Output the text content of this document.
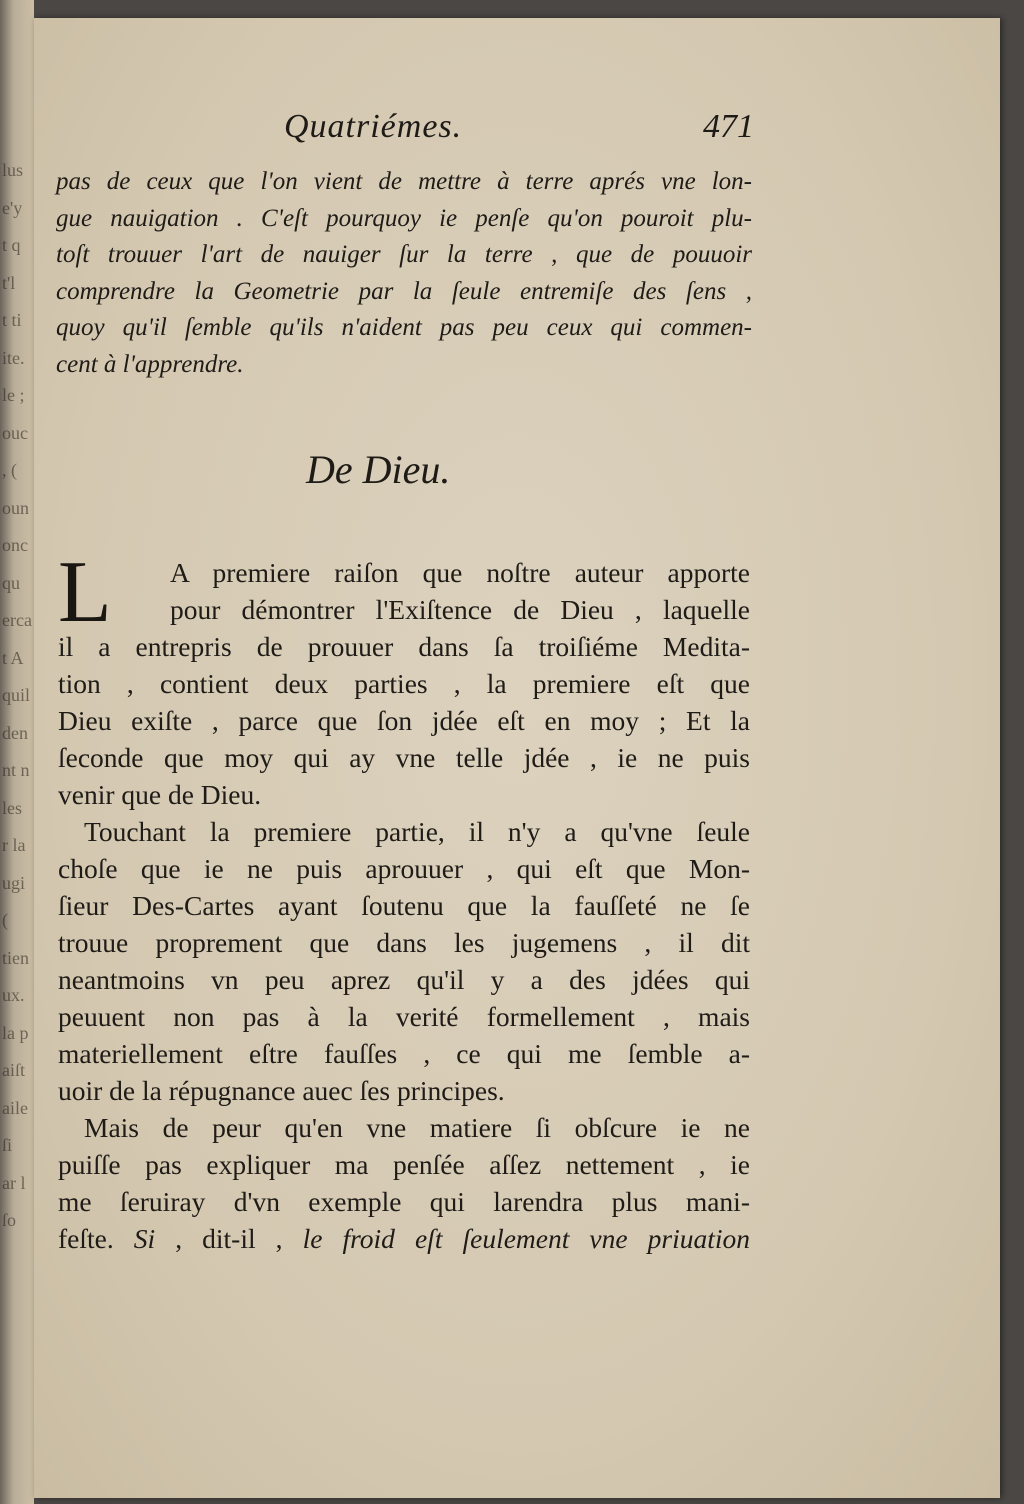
lus
e'y
t q
t'l
t ti
ite.
le ;
ouc
, (
oun
onc
qu
erca
t A
quil
den
nt n
les
r la
ugi
(
tien
ux.
la p
aiſt
aile
ſi
ar l
ſo
Quatriémes.	471
pas de ceux que l'on vient de mettre à terre aprés vne lon-
gue nauigation . C'eſt pourquoy ie penſe qu'on pouroit plu-
toſt trouuer l'art de nauiger ſur la terre , que de pouuoir
comprendre la Geometrie par la ſeule entremiſe des ſens ,
quoy qu'il ſemble qu'ils n'aident pas peu ceux qui commen-
cent à l'apprendre.
De Dieu.
L	A premiere raiſon que noſtre auteur apporte
pour démontrer l'Exiſtence de Dieu , laquelle
il a entrepris de prouuer dans ſa troiſiéme Medita-
tion , contient deux parties , la premiere eſt que
Dieu exiſte , parce que ſon jdée eſt en moy ; Et la
ſeconde que moy qui ay vne telle jdée , ie ne puis
venir que de Dieu.
Touchant la premiere partie, il n'y a qu'vne ſeule
choſe que ie ne puis aprouuer , qui eſt que Mon-
ſieur Des-Cartes ayant ſoutenu que la fauſſeté ne ſe
trouue proprement que dans les jugemens , il dit
neantmoins vn peu aprez qu'il y a des jdées qui
peuuent non pas à la verité formellement , mais
materiellement eſtre fauſſes , ce qui me ſemble a-
uoir de la répugnance auec ſes principes.
Mais de peur qu'en vne matiere ſi obſcure ie ne
puiſſe pas expliquer ma penſée aſſez nettement , ie
me ſeruiray d'vn exemple qui larendra plus mani-
feſte. Si , dit-il , le froid eſt ſeulement vne priuation
